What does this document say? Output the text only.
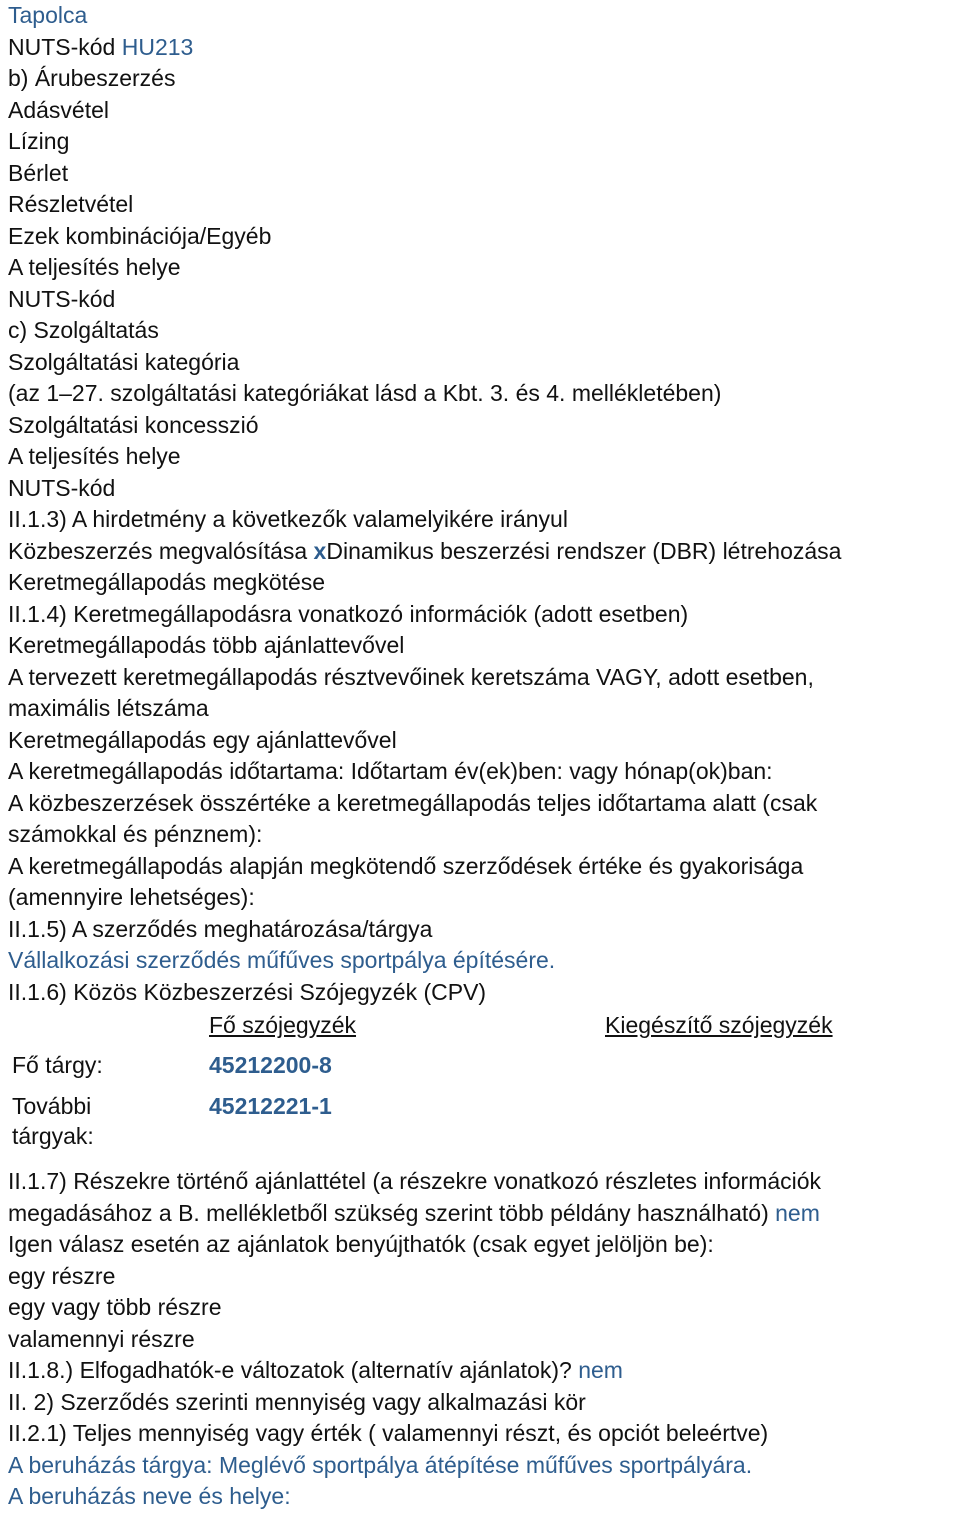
Tapolca
NUTS-kód HU213
b) Árubeszerzés
Adásvétel
Lízing
Bérlet
Részletvétel
Ezek kombinációja/Egyéb
A teljesítés helye
NUTS-kód
c) Szolgáltatás
Szolgáltatási kategória
(az 1–27. szolgáltatási kategóriákat lásd a Kbt. 3. és 4. mellékletében)
Szolgáltatási koncesszió
A teljesítés helye
NUTS-kód
II.1.3) A hirdetmény a következők valamelyikére irányul
Közbeszerzés megvalósítása xDinamikus beszerzési rendszer (DBR) létrehozása
Keretmegállapodás megkötése
II.1.4) Keretmegállapodásra vonatkozó információk (adott esetben)
Keretmegállapodás több ajánlattevővel
A tervezett keretmegállapodás résztvevőinek keretszáma VAGY, adott esetben,
maximális létszáma
Keretmegállapodás egy ajánlattevővel
A keretmegállapodás időtartama: Időtartam év(ek)ben: vagy hónap(ok)ban:
A közbeszerzések összértéke a keretmegállapodás teljes időtartama alatt (csak
számokkal és pénznem):
A keretmegállapodás alapján megkötendő szerződések értéke és gyakorisága
(amennyire lehetséges):
II.1.5) A szerződés meghatározása/tárgya
Vállalkozási szerződés műfűves sportpálya építésére.
II.1.6) Közös Közbeszerzési Szójegyzék (CPV)
Fő szójegyzék	Kiegészítő szójegyzék
Fő tárgy:	45212200-8
További
tárgyak:
45212221-1
II.1.7) Részekre történő ajánlattétel (a részekre vonatkozó részletes információk
megadásához a B. mellékletből szükség szerint több példány használható) nem
Igen válasz esetén az ajánlatok benyújthatók (csak egyet jelöljön be):
egy részre
egy vagy több részre
valamennyi részre
II.1.8.) Elfogadhatók-e változatok (alternatív ajánlatok)? nem
II. 2) Szerződés szerinti mennyiség vagy alkalmazási kör
II.2.1) Teljes mennyiség vagy érték ( valamennyi részt, és opciót beleértve)
A beruházás tárgya: Meglévő sportpálya átépítése műfűves sportpályára.
A beruházás neve és helye:
